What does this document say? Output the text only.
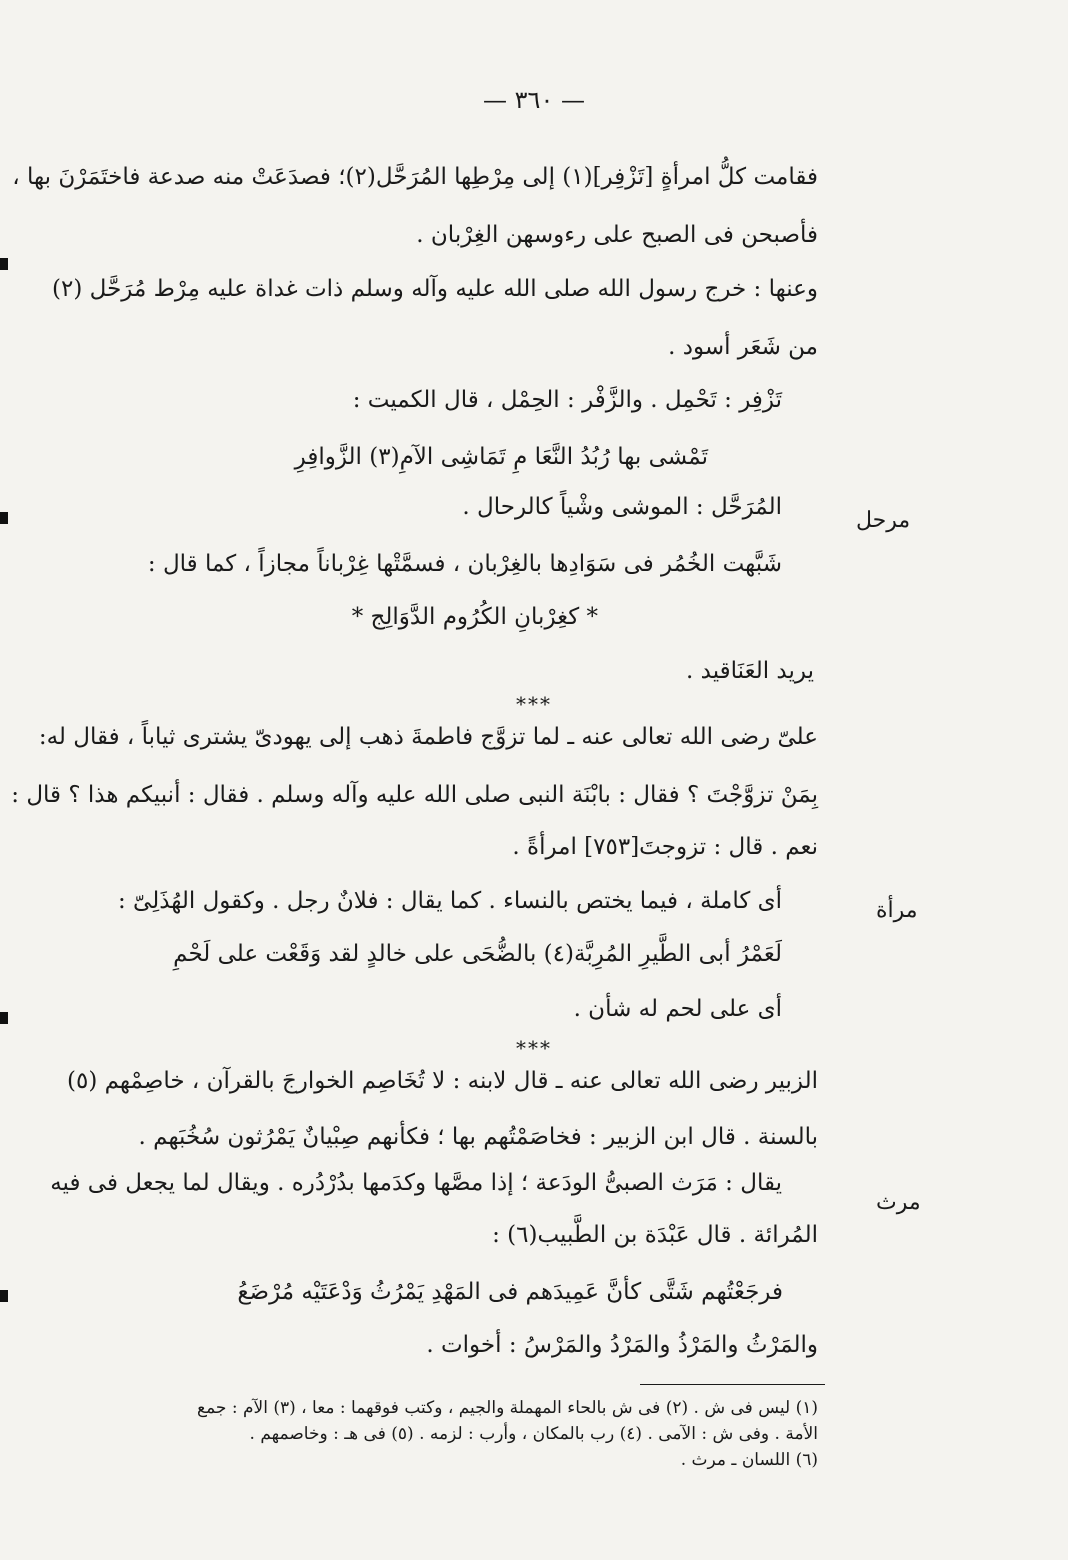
— ٣٦٠ —
فقامت كلُّ امرأةٍ [تَزْفِر](١) إلى مِرْطِها المُرَحَّل(٢)؛ فصدَعَتْ منه صدعة فاختَمَرْنَ بها ،
فأصبحن فى الصبح على رءوسهن الغِرْبان .
وعنها : خرج رسول الله صلى الله عليه وآله وسلم ذات غداة عليه مِرْط مُرَحَّل (٢)
من شَعَر أسود .
تَزْفِر : تَحْمِل . والزَّفْر : الحِمْل ، قال الكميت :
تَمْشى بها رُبُدُ النَّعَا مِ تَمَاشِى الآمِ(٣) الزَّوافِرِ
المُرَحَّل : الموشى وشْياً كالرحال .
شَبَّهت الخُمُر فى سَوَادِها بالغِرْبان ، فسمَّتْها غِرْباناً مجازاً ، كما قال :
* كغِرْبانِ الكُرُوم الدَّوَالِج *
يريد العَنَاقيد .
***
علىّ رضى الله تعالى عنه ـ لما تزوَّج فاطمةَ ذهب إلى يهودىّ يشترى ثياباً ، فقال له:
بِمَنْ تزوَّجْتَ ؟ فقال : بابْنَة النبى صلى الله عليه وآله وسلم . فقال : أنبيكم هذا ؟ قال :
نعم . قال : تزوجتَ[٧٥٣] امرأةً .
أى كاملة ، فيما يختص بالنساء . كما يقال : فلانٌ رجل . وكقول الهُذَلِىّ :
لَعَمْرُ أبى الطَّيرِ المُرِبَّة(٤) بالضُّحَى على خالدٍ لقد وَقَعْت على لَحْمِ
أى على لحم له شأن .
***
الزبير رضى الله تعالى عنه ـ قال لابنه : لا تُخَاصِم الخوارجَ بالقرآن ، خاصِمْهم (٥)
بالسنة . قال ابن الزبير : فخاصَمْتُهم بها ؛ فكأنهم صِبْيانٌ يَمْرُثون سُخُبَهم .
يقال : مَرَث الصبىُّ الودَعة ؛ إذا مصَّها وكدَمها بدُرْدُره . ويقال لما يجعل فى فيه
المُرائة . قال عَبْدَة بن الطَّبيب(٦) :
فرجَعْتُهم شَتَّى كأنَّ عَمِيدَهم فى المَهْدِ يَمْرُثُ وَدْعَتَيْه مُرْضَعُ
والمَرْثُ والمَرْذُ والمَرْدُ والمَرْسُ : أخوات .
مرحل
مرأة
مرث
(١) ليس فى ش . (٢) فى ش بالحاء المهملة والجيم ، وكتب فوقهما : معا ، (٣) الآم : جمع
الأمة . وفى ش : الآمى . (٤) رب بالمكان ، وأرب : لزمه . (٥) فى هـ : وخاصمهم .
(٦) اللسان ـ مرث .
